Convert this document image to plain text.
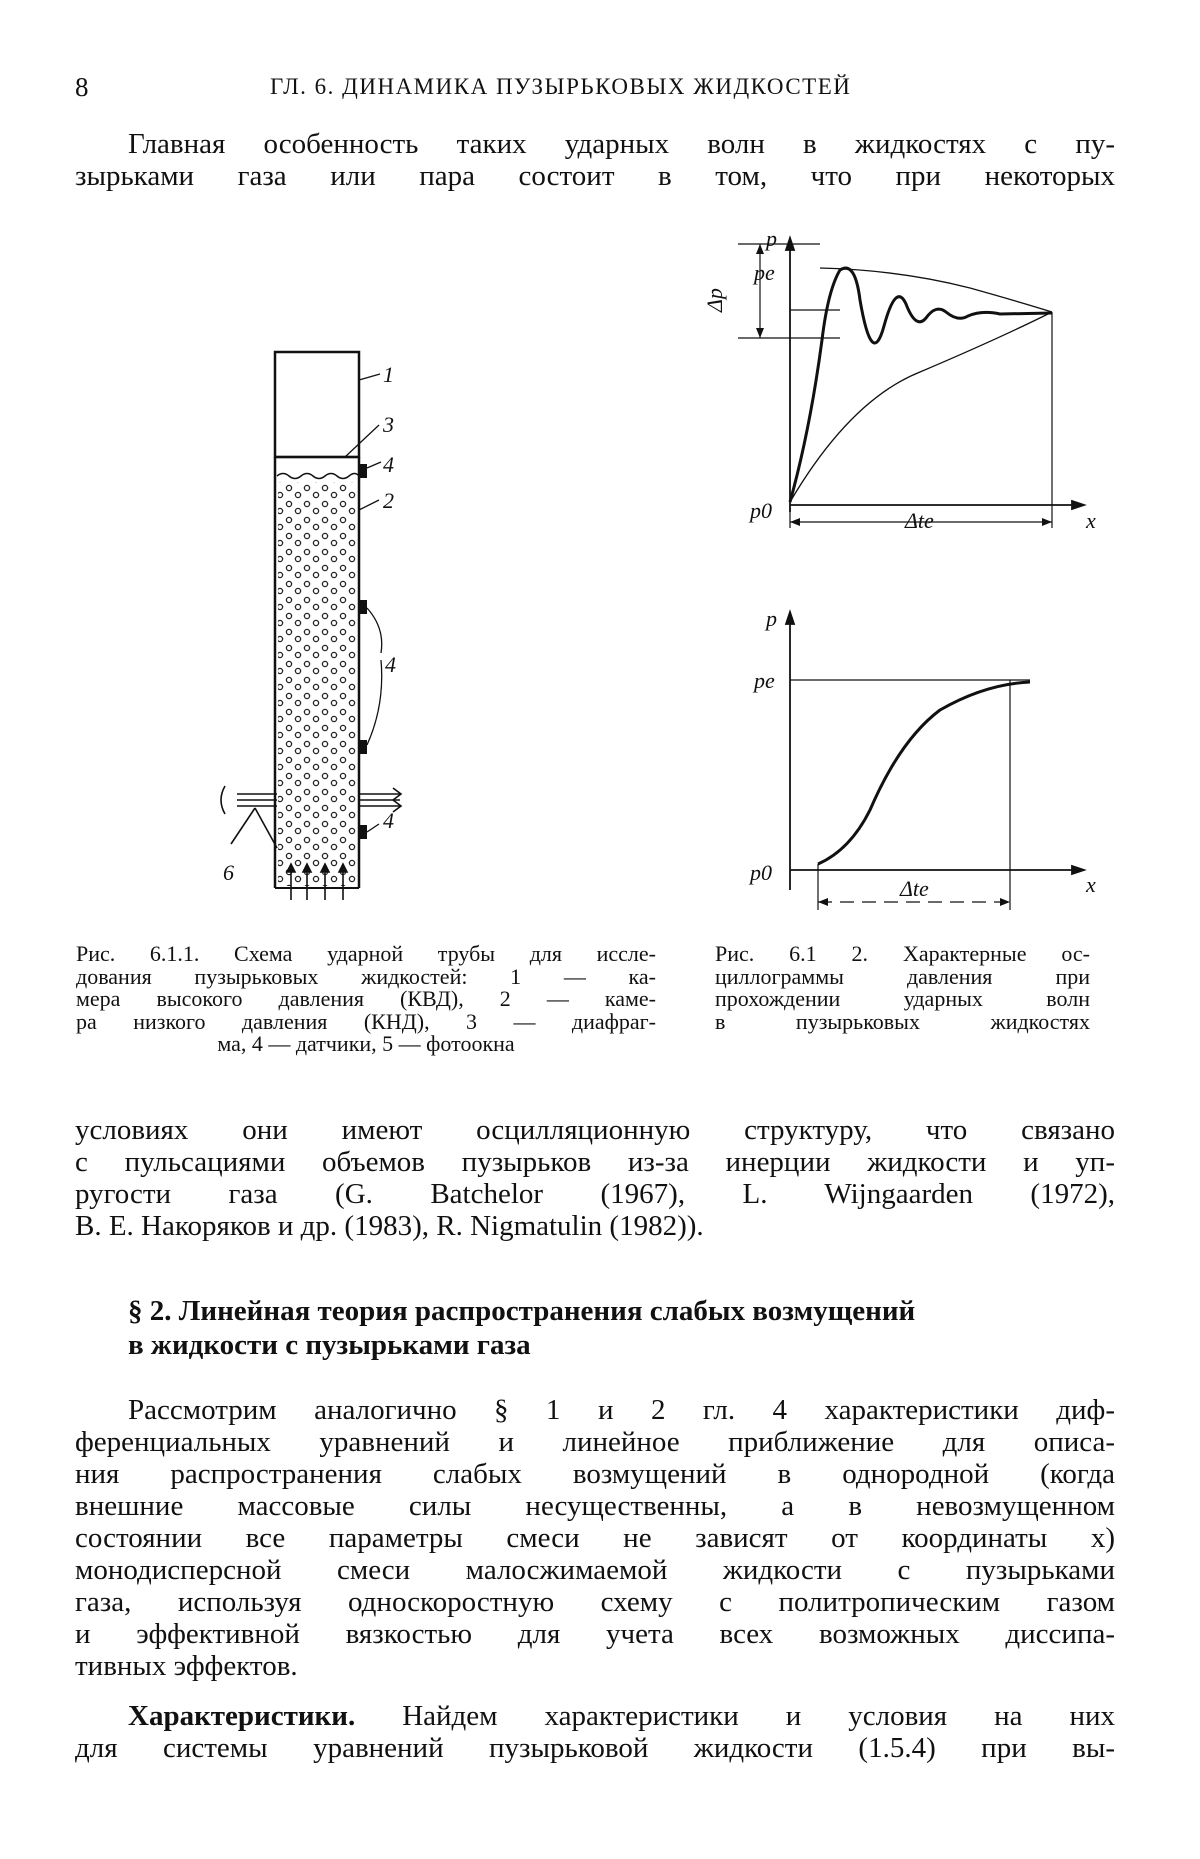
8	ГЛ. 6. ДИНАМИКА ПУЗЫРЬКОВЫХ ЖИДКОСТЕЙ

Главная особенность таких ударных волн в жидкостях с пу-
зырьками газа или пара состоит в том, что при некоторых

1
3
4
2
4
6
4
p
pe
p0
Δp
Δte	x
p
pe
p0
Δte	x

Рис. 6.1.1. Схема ударной трубы для иссле-
дования пузырьковых жидкостей: 1 — ка-
мера высокого давления (КВД), 2 — каме-
ра низкого давления (КНД), 3 — диафраг-
ма, 4 — датчики, 5 — фотоокна

Рис. 6.1 2. Характерные ос-
циллограммы давления при
прохождении ударных волн
в пузырьковых жидкостях

условиях они имеют осцилляционную структуру, что связано
с пульсациями объемов пузырьков из-за инерции жидкости и уп-
ругости газа (G. Batchelor (1967), L. Wijngaarden (1972),
В. Е. Накоряков и др. (1983), R. Nigmatulin (1982)).

§ 2. Линейная теория распространения слабых возмущений
в жидкости с пузырьками газа

Рассмотрим аналогично § 1 и 2 гл. 4 характеристики диф-
ференциальных уравнений и линейное приближение для описа-
ния распространения слабых возмущений в однородной (когда
внешние массовые силы несущественны, а в невозмущенном
состоянии все параметры смеси не зависят от координаты x)
монодисперсной смеси малосжимаемой жидкости с пузырьками
газа, используя односкоростную схему с политропическим газом
и эффективной вязкостью для учета всех возможных диссипа-
тивных эффектов.

Характеристики. Найдем характеристики и условия на них
для системы уравнений пузырьковой жидкости (1.5.4) при вы-
